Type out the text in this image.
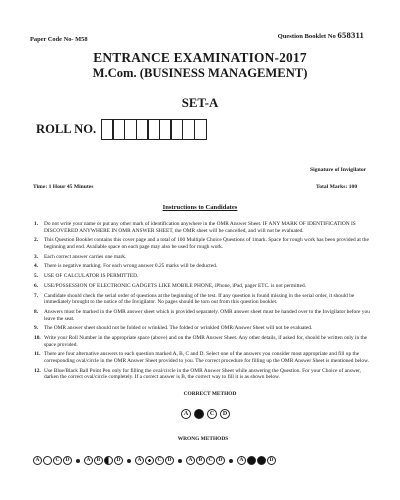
Paper Code No- M58	Question Booklet No 658311
ENTRANCE EXAMINATION-2017
M.Com. (BUSINESS MANAGEMENT)
SET-A
ROLL NO.
Signature of Invigilator
Time: 1 Hour 45 Minutes	Total Marks: 100
Instructions to Candidates
1.	Do not write your name or put any other mark of identification anywhere in the OMR Answer Sheet. IF ANY MARK OF IDENTIFICATION IS DISCOVERED ANYWHERE IN OMR ANSWER SHEET, the OMR sheet will be cancelled, and will not be evaluated.
2.	This Question Booklet contains this cover page and a total of 100 Multiple Choice Questions of 1mark. Space for rough work has been provided at the beginning and end. Available space on each page may also be used for rough work.
3.	Each correct answer carries one mark.
4.	There is negative marking. For each wrong answer 0.25 marks will be deducted.
5.	USE OF CALCULATOR IS PERMITTED.
6.	USE/POSSESSION OF ELECTRONIC GADGETS LIKE MOBILE PHONE, iPhone, iPad, pager ETC. is not permitted.
7.	Candidate should check the serial order of questions at the beginning of the test. If any question is found missing in the serial order, it should be immediately brought to the notice of the Invigilator. No pages should be torn out from this question booklet.
8.	Answers must be marked in the OMR answer sheet which is provided separately. OMR answer sheet must be handed over to the Invigilator before you leave the seat.
9.	The OMR answer sheet should not be folded or wrinkled. The folded or wrinkled OMR/Answer Sheet will not be evaluated.
10. Write your Roll Number in the appropriate space (above) and on the OMR Answer Sheet. Any other details, if asked for, should be written only in the space provided.
11. There are four alternative answers to each question marked A, B, C and D. Select one of the answers you consider most appropriate and fill up the corresponding oval/circle in the OMR Answer Sheet provided to you. The correct procedure for filling up the OMR Answer Sheet is mentioned below.
12. Use Blue/Black Ball Point Pen only for filling the oval/circle in the OMR Answer Sheet while answering the Question. For your Choice of answer, darken the correct oval/circle completely. If a correct answer is B, the correct way to fill it is as shown below.
CORRECT METHOD
A	B	C	D
WRONG METHODS
A	C	D	A	B	D	A	C	D	A	B	C	D	A	B	C	D
